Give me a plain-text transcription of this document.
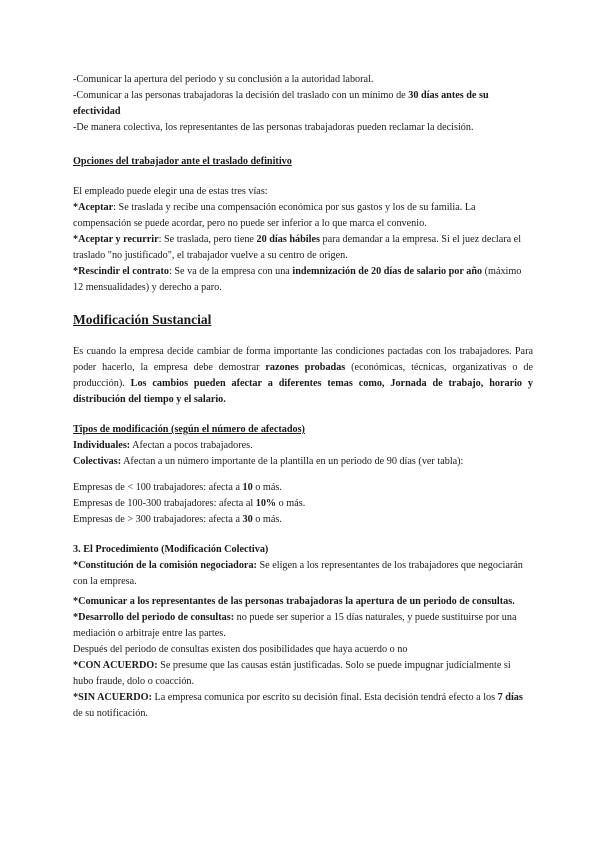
-Comunicar la apertura del periodo y su conclusión a la autoridad laboral.

-Comunicar a las personas trabajadoras la decisión del traslado con un mínimo de 30 días antes de su efectividad

-De manera colectiva, los representantes de las personas trabajadoras pueden reclamar la decisión.

Opciones del trabajador ante el traslado definitivo

El empleado puede elegir una de estas tres vías:

*Aceptar: Se traslada y recibe una compensación económica por sus gastos y los de su familia. La compensación se puede acordar, pero no puede ser inferior a lo que marca el convenio.

*Aceptar y recurrir: Se traslada, pero tiene 20 días hábiles para demandar a la empresa. Si el juez declara el traslado "no justificado", el trabajador vuelve a su centro de origen.

*Rescindir el contrato: Se va de la empresa con una indemnización de 20 días de salario por año (máximo 12 mensualidades) y derecho a paro.

Modificación Sustancial

Es cuando la empresa decide cambiar de forma importante las condiciones pactadas con los trabajadores. Para poder hacerlo, la empresa debe demostrar razones probadas (económicas, técnicas, organizativas o de producción). Los cambios pueden afectar a diferentes temas como, Jornada de trabajo, horario y distribución del tiempo y el salario.

Tipos de modificación (según el número de afectados)

Individuales: Afectan a pocos trabajadores.

Colectivas: Afectan a un número importante de la plantilla en un periodo de 90 días (ver tabla):

Empresas de < 100 trabajadores: afecta a 10 o más.

Empresas de 100-300 trabajadores: afecta al 10% o más.

Empresas de > 300 trabajadores: afecta a 30 o más.

3. El Procedimiento (Modificación Colectiva)

*Constitución de la comisión negociadora: Se eligen a los representantes de los trabajadores que negociarán con la empresa.

*Comunicar a los representantes de las personas trabajadoras la apertura de un periodo de consultas.

*Desarrollo del periodo de consultas: no puede ser superior a 15 días naturales, y puede sustituirse por una mediación o arbitraje entre las partes.

Después del periodo de consultas existen dos posibilidades que haya acuerdo o no

*CON ACUERDO: Se presume que las causas están justificadas. Solo se puede impugnar judicialmente si hubo fraude, dolo o coacción.

*SIN ACUERDO: La empresa comunica por escrito su decisión final. Esta decisión tendrá efecto a los 7 días de su notificación.
